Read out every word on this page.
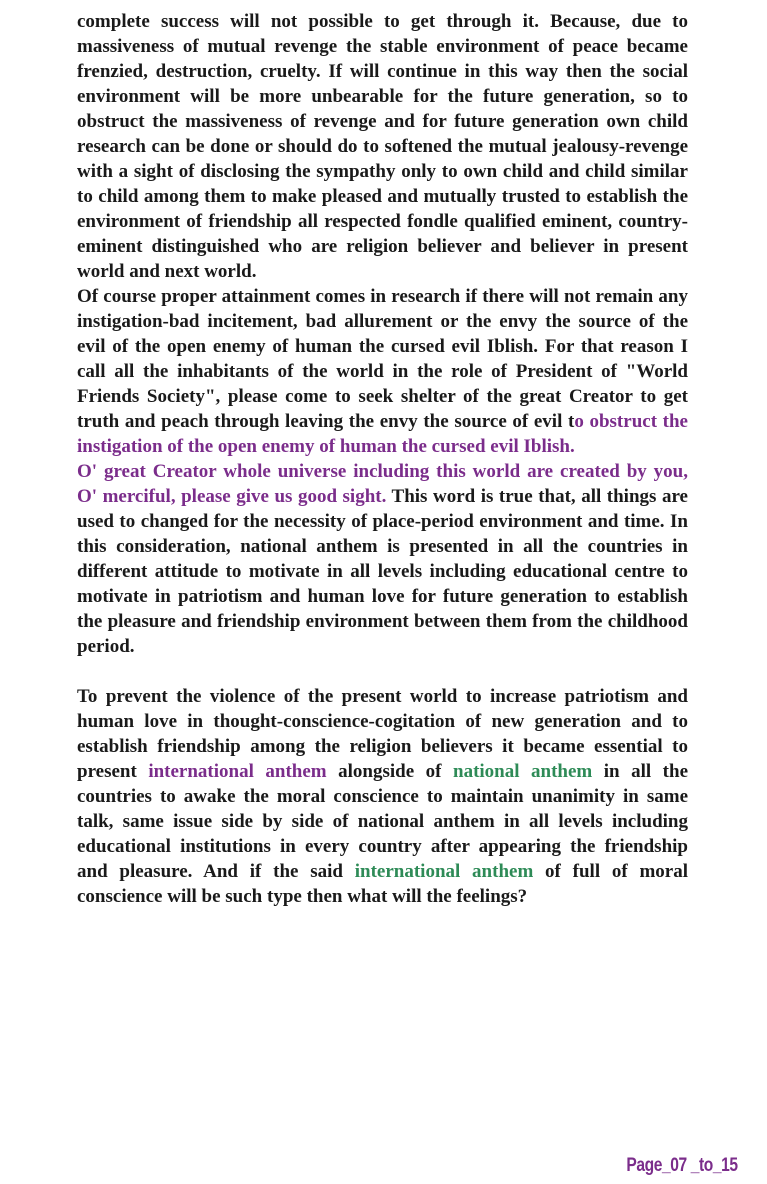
complete success will not possible to get through it. Because, due to massiveness of mutual revenge the stable environment of peace became frenzied, destruction, cruelty. If will continue in this way then the social environment will be more unbearable for the future generation, so to obstruct the massiveness of revenge and for future generation own child research can be done or should do to softened the mutual jealousy-revenge with a sight of disclosing the sympathy only to own child and child similar to child among them to make pleased and mutually trusted to establish the environment of friendship all respected fondle qualified eminent, country-eminent distinguished who are religion believer and believer in present world and next world.

Of course proper attainment comes in research if there will not remain any instigation-bad incitement, bad allurement or the envy the source of the evil of the open enemy of human the cursed evil Iblish. For that reason I call all the inhabitants of the world in the role of President of "World Friends Society", please come to seek shelter of the great Creator to get truth and peach through leaving the envy the source of evil to obstruct the instigation of the open enemy of human the cursed evil Iblish.

O' great Creator whole universe including this world are created by you, O' merciful, please give us good sight. This word is true that, all things are used to changed for the necessity of place-period environment and time. In this consideration, national anthem is presented in all the countries in different attitude to motivate in all levels including educational centre to motivate in patriotism and human love for future generation to establish the pleasure and friendship environment between them from the childhood period.

To prevent the violence of the present world to increase patriotism and human love in thought-conscience-cogitation of new generation and to establish friendship among the religion believers it became essential to present international anthem alongside of national anthem in all the countries to awake the moral conscience to maintain unanimity in same talk, same issue side by side of national anthem in all levels including educational institutions in every country after appearing the friendship and pleasure. And if the said international anthem of full of moral conscience will be such type then what will the feelings?

Page_07 _to_15
